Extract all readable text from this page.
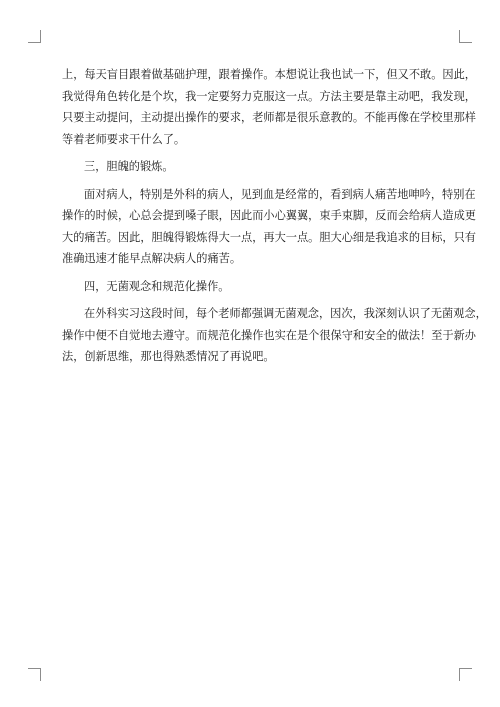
上，每天盲目跟着做基础护理，跟着操作。本想说让我也试一下，但又不敢。因此，
我觉得角色转化是个坎，我一定要努力克服这一点。方法主要是靠主动吧，我发现，
只要主动提问，主动提出操作的要求，老师都是很乐意教的。不能再像在学校里那样
等着老师要求干什么了。
三，胆魄的锻炼。
面对病人，特别是外科的病人，见到血是经常的，看到病人痛苦地呻吟，特别在
操作的时候，心总会提到嗓子眼，因此而小心翼翼，束手束脚，反而会给病人造成更
大的痛苦。因此，胆魄得锻炼得大一点，再大一点。胆大心细是我追求的目标，只有
准确迅速才能早点解决病人的痛苦。
四，无菌观念和规范化操作。
在外科实习这段时间，每个老师都强调无菌观念，因次，我深刻认识了无菌观念，
操作中便不自觉地去遵守。而规范化操作也实在是个很保守和安全的做法！至于新办
法，创新思维，那也得熟悉情况了再说吧。
